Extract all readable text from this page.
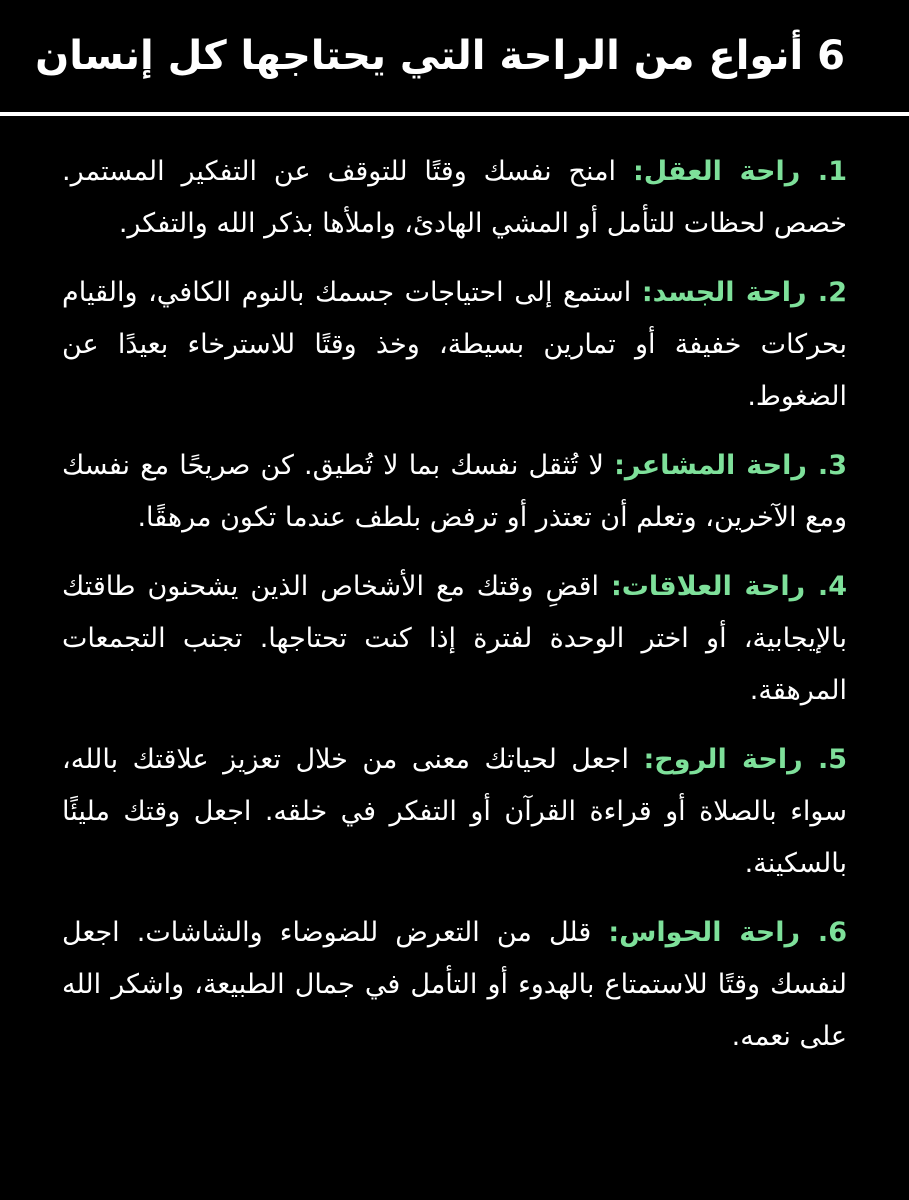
6 أنواع من الراحة التي يحتاجها كل إنسان

1. راحة العقل: امنح نفسك وقتًا للتوقف عن التفكير المستمر. خصص لحظات للتأمل أو المشي الهادئ، واملأها بذكر الله والتفكر.

2. راحة الجسد: استمع إلى احتياجات جسمك بالنوم الكافي، والقيام بحركات خفيفة أو تمارين بسيطة، وخذ وقتًا للاسترخاء بعيدًا عن الضغوط.

3. راحة المشاعر: لا تُثقل نفسك بما لا تُطيق. كن صريحًا مع نفسك ومع الآخرين، وتعلم أن تعتذر أو ترفض بلطف عندما تكون مرهقًا.

4. راحة العلاقات: اقضِ وقتك مع الأشخاص الذين يشحنون طاقتك بالإيجابية، أو اختر الوحدة لفترة إذا كنت تحتاجها. تجنب التجمعات المرهقة.

5. راحة الروح: اجعل لحياتك معنى من خلال تعزيز علاقتك بالله، سواء بالصلاة أو قراءة القرآن أو التفكر في خلقه. اجعل وقتك مليئًا بالسكينة.

6. راحة الحواس: قلل من التعرض للضوضاء والشاشات. اجعل لنفسك وقتًا للاستمتاع بالهدوء أو التأمل في جمال الطبيعة، واشكر الله على نعمه.
